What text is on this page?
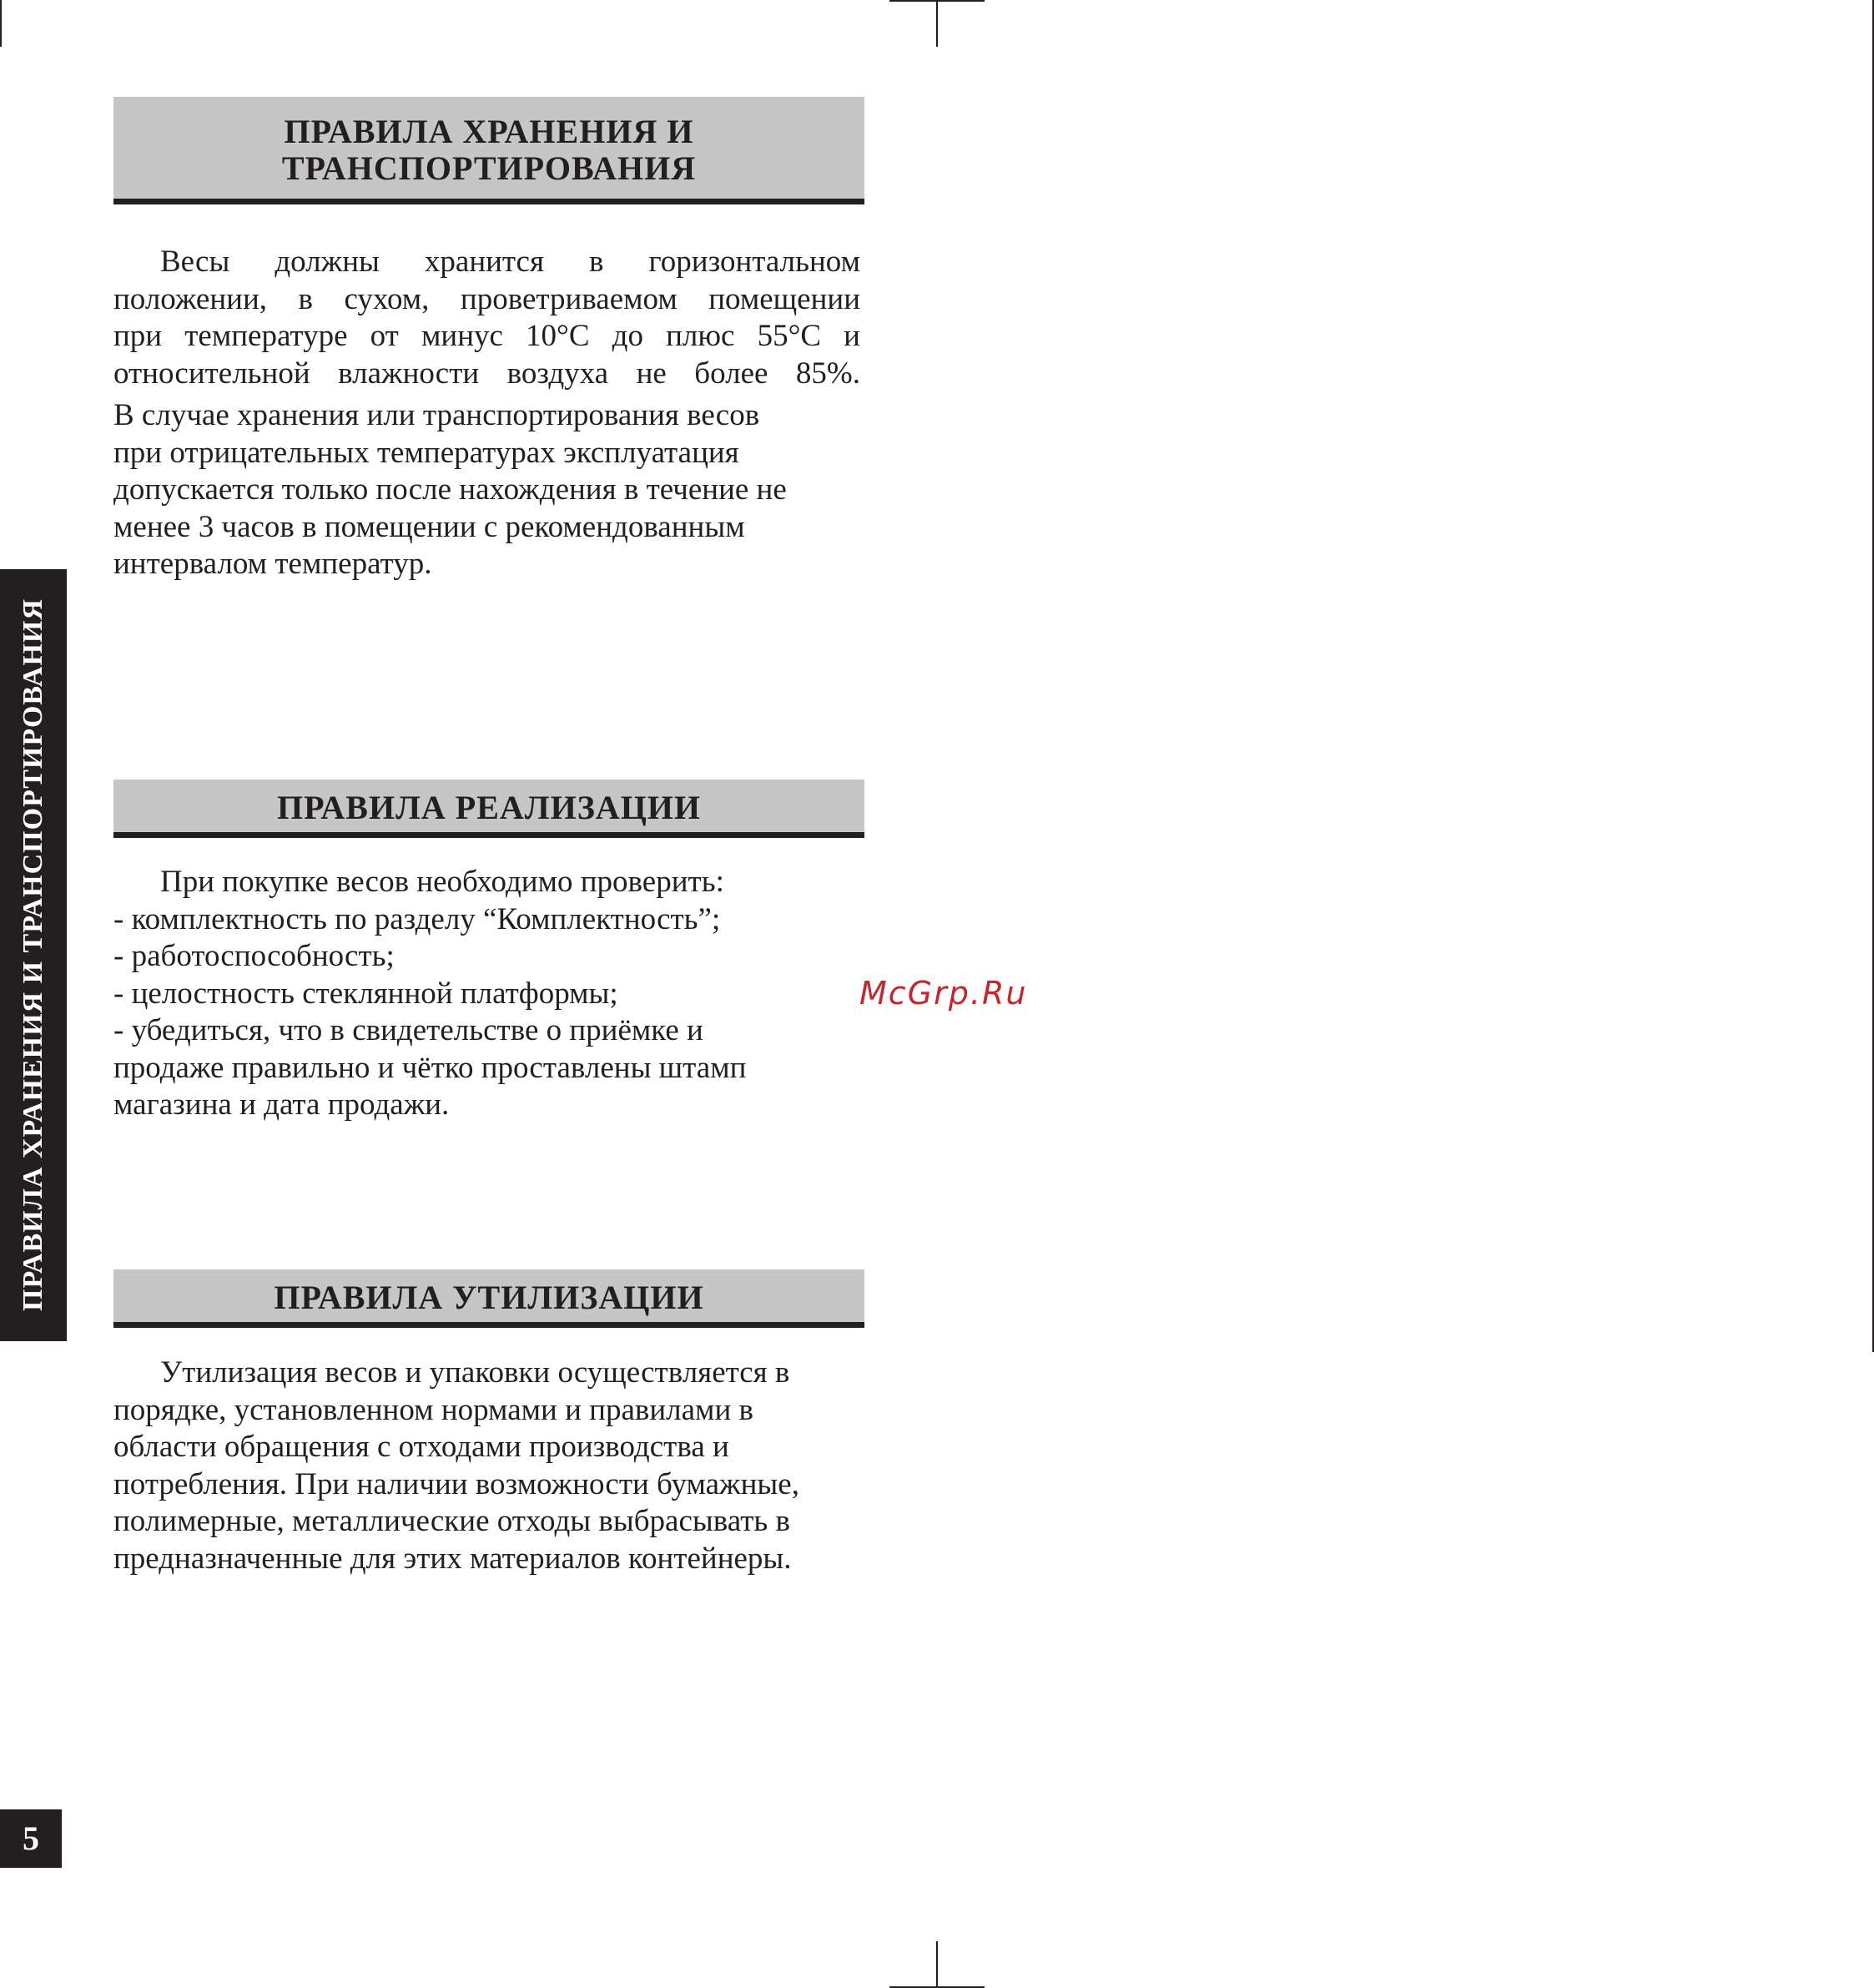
ПРАВИЛА ХРАНЕНИЯ И
ТРАНСПОРТИРОВАНИЯ
Весы должны хранится в горизонтальном
положении, в сухом, проветриваемом помещении
при температуре от минус 10°С до плюс 55°С и
относительной влажности воздуха не более 85%.
В случае хранения или транспортирования весов
при отрицательных температурах эксплуатация
допускается только после нахождения в течение не
менее 3 часов в помещении с рекомендованным
интервалом температур.
ПРАВИЛА РЕАЛИЗАЦИИ
При покупке весов необходимо проверить:
- комплектность по разделу “Комплектность”;
- работоспособность;
- целостность стеклянной платформы;
- убедиться, что в свидетельстве о приёмке и
продаже правильно и чётко проставлены штамп
магазина и дата продажи.
ПРАВИЛА УТИЛИЗАЦИИ
Утилизация весов и упаковки осуществляется в
порядке, установленном нормами и правилами в
области обращения с отходами производства и
потребления. При наличии возможности бумажные,
полимерные, металлические отходы выбрасывать в
предназначенные для этих материалов контейнеры.
ПРАВИЛА ХРАНЕНИЯ И ТРАНСПОРТИРОВАНИЯ
5
McGrp.Ru
